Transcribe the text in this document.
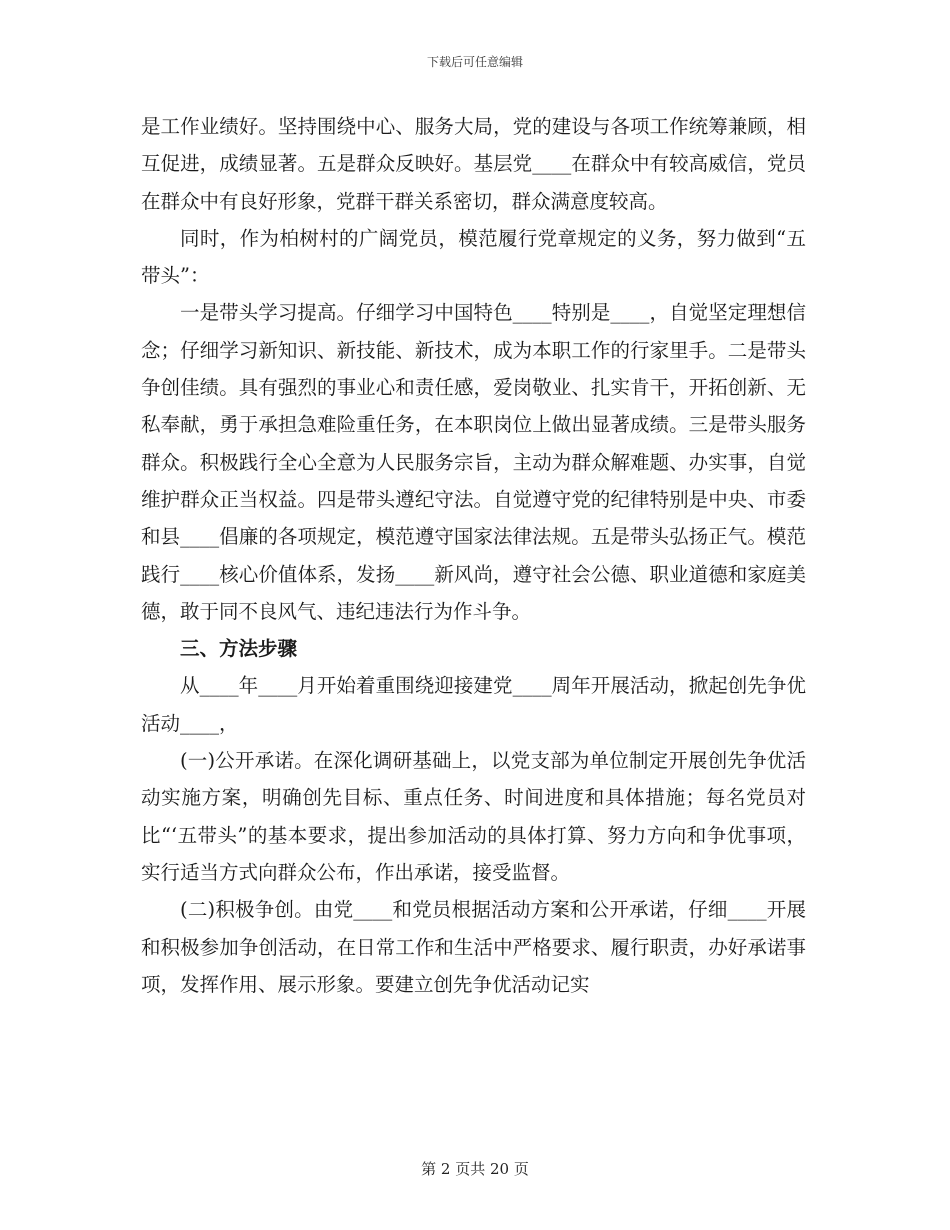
下载后可任意编辑

是工作业绩好。坚持围绕中心、服务大局，党的建设与各项工作统筹兼顾，相互促进，成绩显著。五是群众反映好。基层党____在群众中有较高威信，党员在群众中有良好形象，党群干群关系密切，群众满意度较高。

同时，作为柏树村的广阔党员，模范履行党章规定的义务，努力做到“五带头”：

一是带头学习提高。仔细学习中国特色____特别是____，自觉坚定理想信念；仔细学习新知识、新技能、新技术，成为本职工作的行家里手。二是带头争创佳绩。具有强烈的事业心和责任感，爱岗敬业、扎实肯干，开拓创新、无私奉献，勇于承担急难险重任务，在本职岗位上做出显著成绩。三是带头服务群众。积极践行全心全意为人民服务宗旨，主动为群众解难题、办实事，自觉维护群众正当权益。四是带头遵纪守法。自觉遵守党的纪律特别是中央、市委和县____倡廉的各项规定，模范遵守国家法律法规。五是带头弘扬正气。模范践行____核心价值体系，发扬____新风尚，遵守社会公德、职业道德和家庭美德，敢于同不良风气、违纪违法行为作斗争。

三、方法步骤

从____年____月开始着重围绕迎接建党____周年开展活动，掀起创先争优活动____，

(一)公开承诺。在深化调研基础上，以党支部为单位制定开展创先争优活动实施方案，明确创先目标、重点任务、时间进度和具体措施；每名党员对比“‘五带头”的基本要求，提出参加活动的具体打算、努力方向和争优事项，实行适当方式向群众公布，作出承诺，接受监督。

(二)积极争创。由党____和党员根据活动方案和公开承诺，仔细____开展和积极参加争创活动，在日常工作和生活中严格要求、履行职责，办好承诺事项，发挥作用、展示形象。要建立创先争优活动记实

第 2 页共 20 页
